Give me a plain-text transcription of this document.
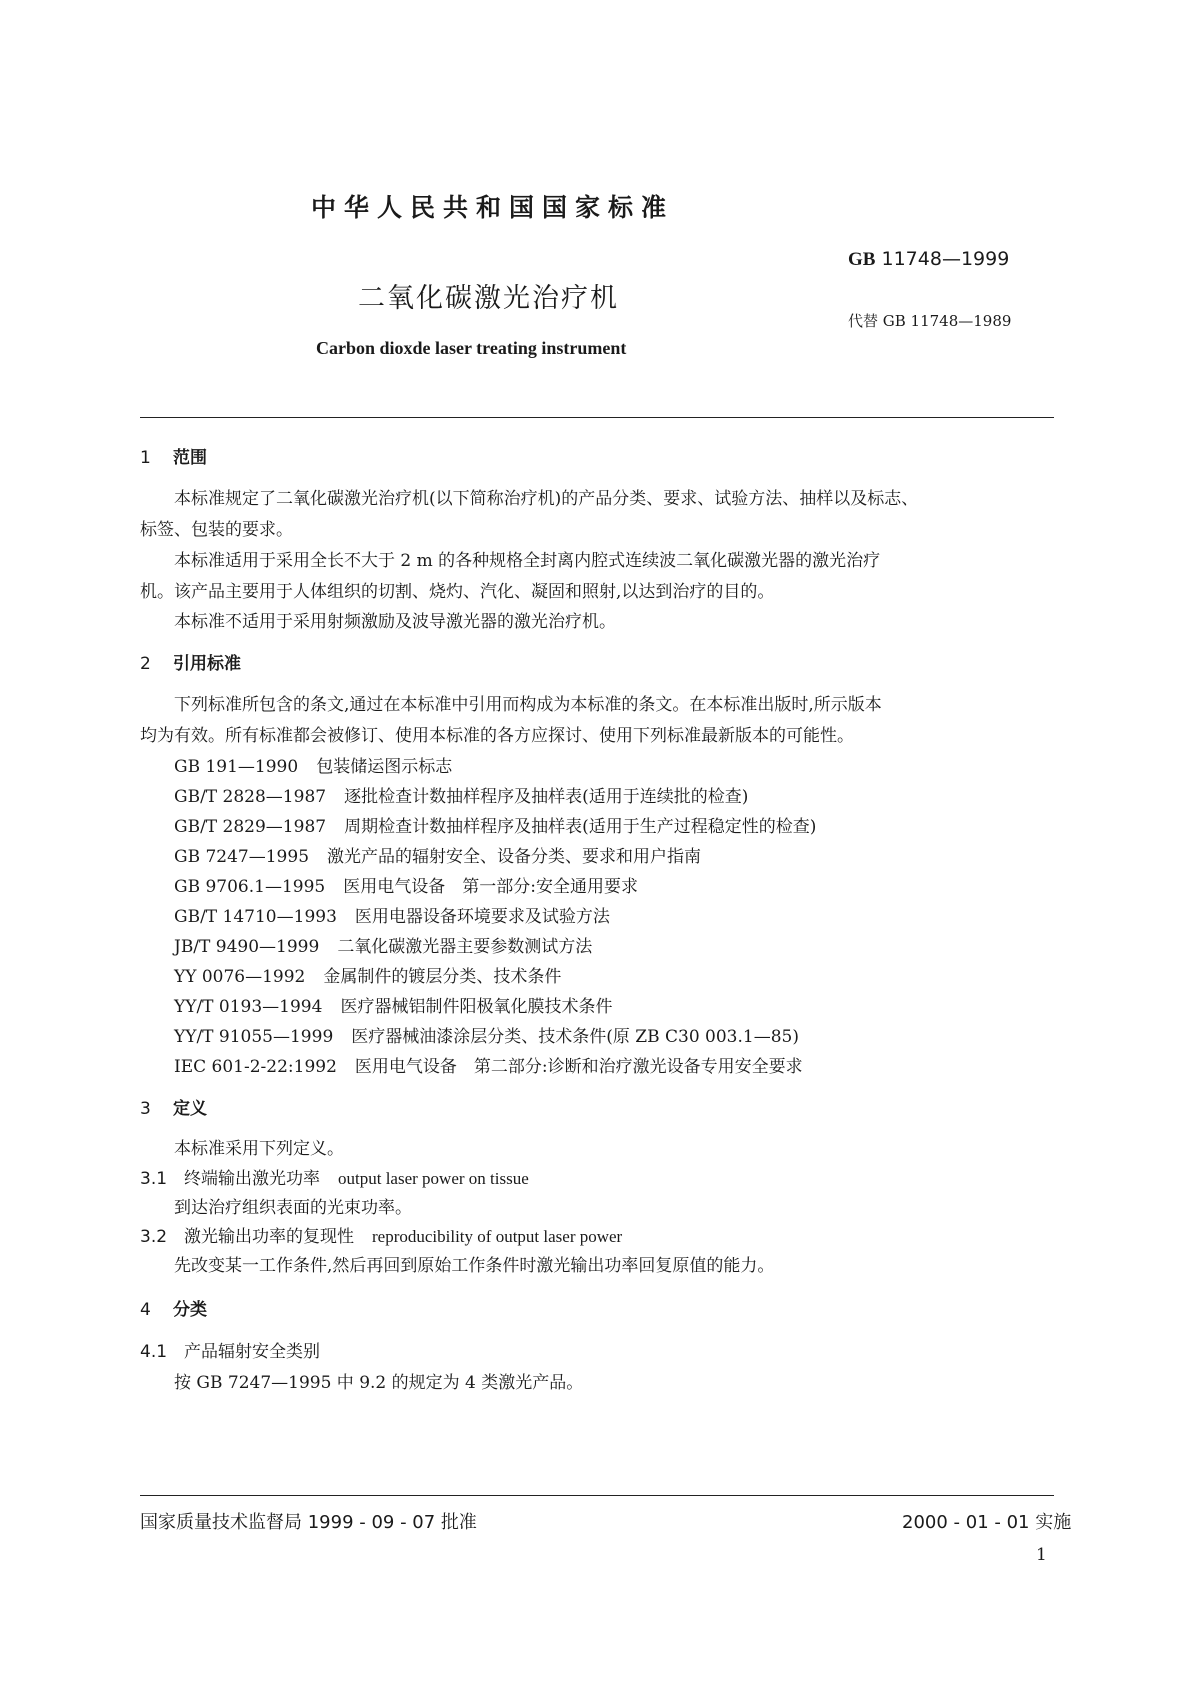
中华人民共和国国家标准
GB 11748—1999
二氧化碳激光治疗机
代替 GB 11748—1989
Carbon dioxde laser treating instrument
1 范围
本标准规定了二氧化碳激光治疗机(以下简称治疗机)的产品分类、要求、试验方法、抽样以及标志、
标签、包装的要求。
本标准适用于采用全长不大于 2 m 的各种规格全封离内腔式连续波二氧化碳激光器的激光治疗
机。该产品主要用于人体组织的切割、烧灼、汽化、凝固和照射,以达到治疗的目的。
本标准不适用于采用射频激励及波导激光器的激光治疗机。
2 引用标准
下列标准所包含的条文,通过在本标准中引用而构成为本标准的条文。在本标准出版时,所示版本
均为有效。所有标准都会被修订、使用本标准的各方应探讨、使用下列标准最新版本的可能性。
GB 191—1990 包装储运图示标志
GB/T 2828—1987 逐批检查计数抽样程序及抽样表(适用于连续批的检查)
GB/T 2829—1987 周期检查计数抽样程序及抽样表(适用于生产过程稳定性的检查)
GB 7247—1995 激光产品的辐射安全、设备分类、要求和用户指南
GB 9706.1—1995 医用电气设备　第一部分:安全通用要求
GB/T 14710—1993 医用电器设备环境要求及试验方法
JB/T 9490—1999 二氧化碳激光器主要参数测试方法
YY 0076—1992 金属制件的镀层分类、技术条件
YY/T 0193—1994 医疗器械铝制件阳极氧化膜技术条件
YY/T 91055—1999 医疗器械油漆涂层分类、技术条件(原 ZB C30 003.1—85)
IEC 601-2-22:1992 医用电气设备　第二部分:诊断和治疗激光设备专用安全要求
3 定义
本标准采用下列定义。
3.1 终端输出激光功率 output laser power on tissue
到达治疗组织表面的光束功率。
3.2 激光输出功率的复现性 reproducibility of output laser power
先改变某一工作条件,然后再回到原始工作条件时激光输出功率回复原值的能力。
4 分类
4.1 产品辐射安全类别
按 GB 7247—1995 中 9.2 的规定为 4 类激光产品。
国家质量技术监督局 1999 - 09 - 07 批准	2000 - 01 - 01 实施
1
